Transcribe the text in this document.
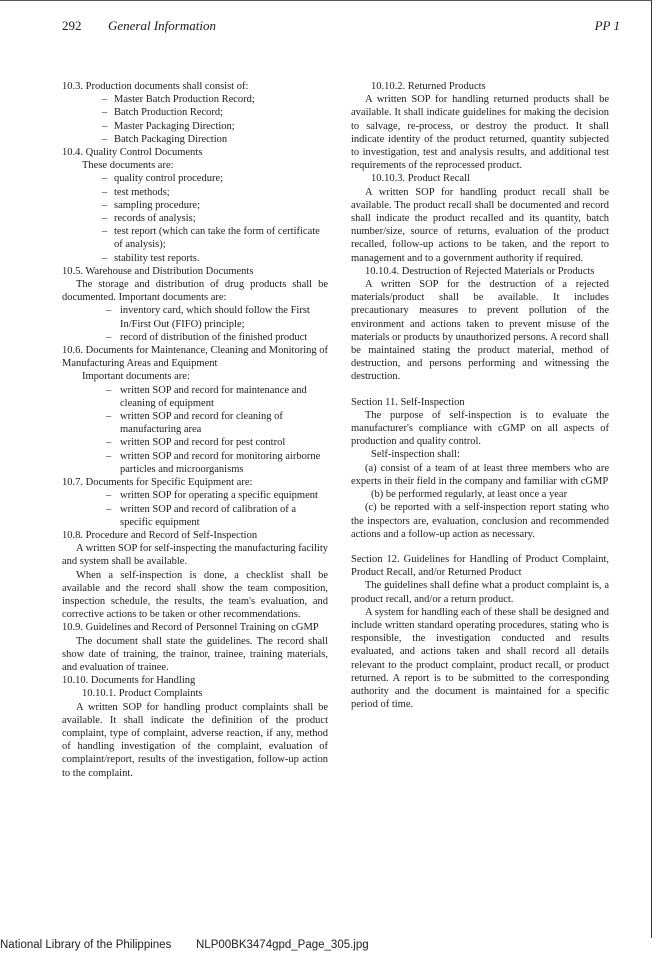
292 General Information	PP 1

10.3. Production documents shall consist of:

– Master Batch Production Record;
– Batch Production Record;
– Master Packaging Direction;
– Batch Packaging Direction

10.4. Quality Control Documents

These documents are:

– quality control procedure;
– test methods;
– sampling procedure;
– records of analysis;
– test report (which can take the form of certificate of analysis);
– stability test reports.

10.5. Warehouse and Distribution Documents

The storage and distribution of drug products shall be documented. Important documents are:

– inventory card, which should follow the First In/First Out (FIFO) principle;
– record of distribution of the finished product

10.6. Documents for Maintenance, Cleaning and Monitoring of Manufacturing Areas and Equipment

Important documents are:

– written SOP and record for maintenance and cleaning of equipment
– written SOP and record for cleaning of manufacturing area
– written SOP and record for pest control
– written SOP and record for monitoring airborne particles and microorganisms

10.7. Documents for Specific Equipment are:

– written SOP for operating a specific equipment
– written SOP and record of calibration of a specific equipment

10.8. Procedure and Record of Self-Inspection

A written SOP for self-inspecting the manufacturing facility and system shall be available.

When a self-inspection is done, a checklist shall be available and the record shall show the team composition, inspection schedule, the results, the team's evaluation, and corrective actions to be taken or other recommendations.

10.9. Guidelines and Record of Personnel Training on cGMP

The document shall state the guidelines. The record shall show date of training, the trainor, trainee, training materials, and evaluation of trainee.

10.10. Documents for Handling

10.10.1. Product Complaints

A written SOP for handling product complaints shall be available. It shall indicate the definition of the product complaint, type of complaint, adverse reaction, if any, method of handling investigation of the complaint, evaluation of complaint/report, results of the investigation, follow-up action to the complaint.

10.10.2. Returned Products

A written SOP for handling returned products shall be available. It shall indicate guidelines for making the decision to salvage, re-process, or destroy the product. It shall indicate identity of the product returned, quantity subjected to investigation, test and analysis results, and additional test requirements of the reprocessed product.

10.10.3. Product Recall

A written SOP for handling product recall shall be available. The product recall shall be documented and record shall indicate the product recalled and its quantity, batch number/size, source of returns, evaluation of the product recalled, follow-up actions to be taken, and the report to management and to a government authority if required.

10.10.4. Destruction of Rejected Materials or Products

A written SOP for the destruction of a rejected materials/product shall be available. It includes precautionary measures to prevent pollution of the environment and actions taken to prevent misuse of the materials or products by unauthorized persons. A record shall be maintained stating the product material, method of destruction, and persons performing and witnessing the destruction.

Section 11. Self-Inspection

The purpose of self-inspection is to evaluate the manufacturer's compliance with cGMP on all aspects of production and quality control.

Self-inspection shall:

(a) consist of a team of at least three members who are experts in their field in the company and familiar with cGMP

(b) be performed regularly, at least once a year

(c) be reported with a self-inspection report stating who the inspectors are, evaluation, conclusion and recommended actions and a follow-up action as necessary.

Section 12. Guidelines for Handling of Product Complaint, Product Recall, and/or Returned Product

The guidelines shall define what a product complaint is, a product recall, and/or a return product.

A system for handling each of these shall be designed and include written standard operating procedures, stating who is responsible, the investigation conducted and results evaluated, and actions taken and shall record all details relevant to the product complaint, product recall, or product returned. A report is to be submitted to the corresponding authority and the document is maintained for a specific period of time.

National Library of the Philippines NLP00BK3474gpd_Page_305.jpg
